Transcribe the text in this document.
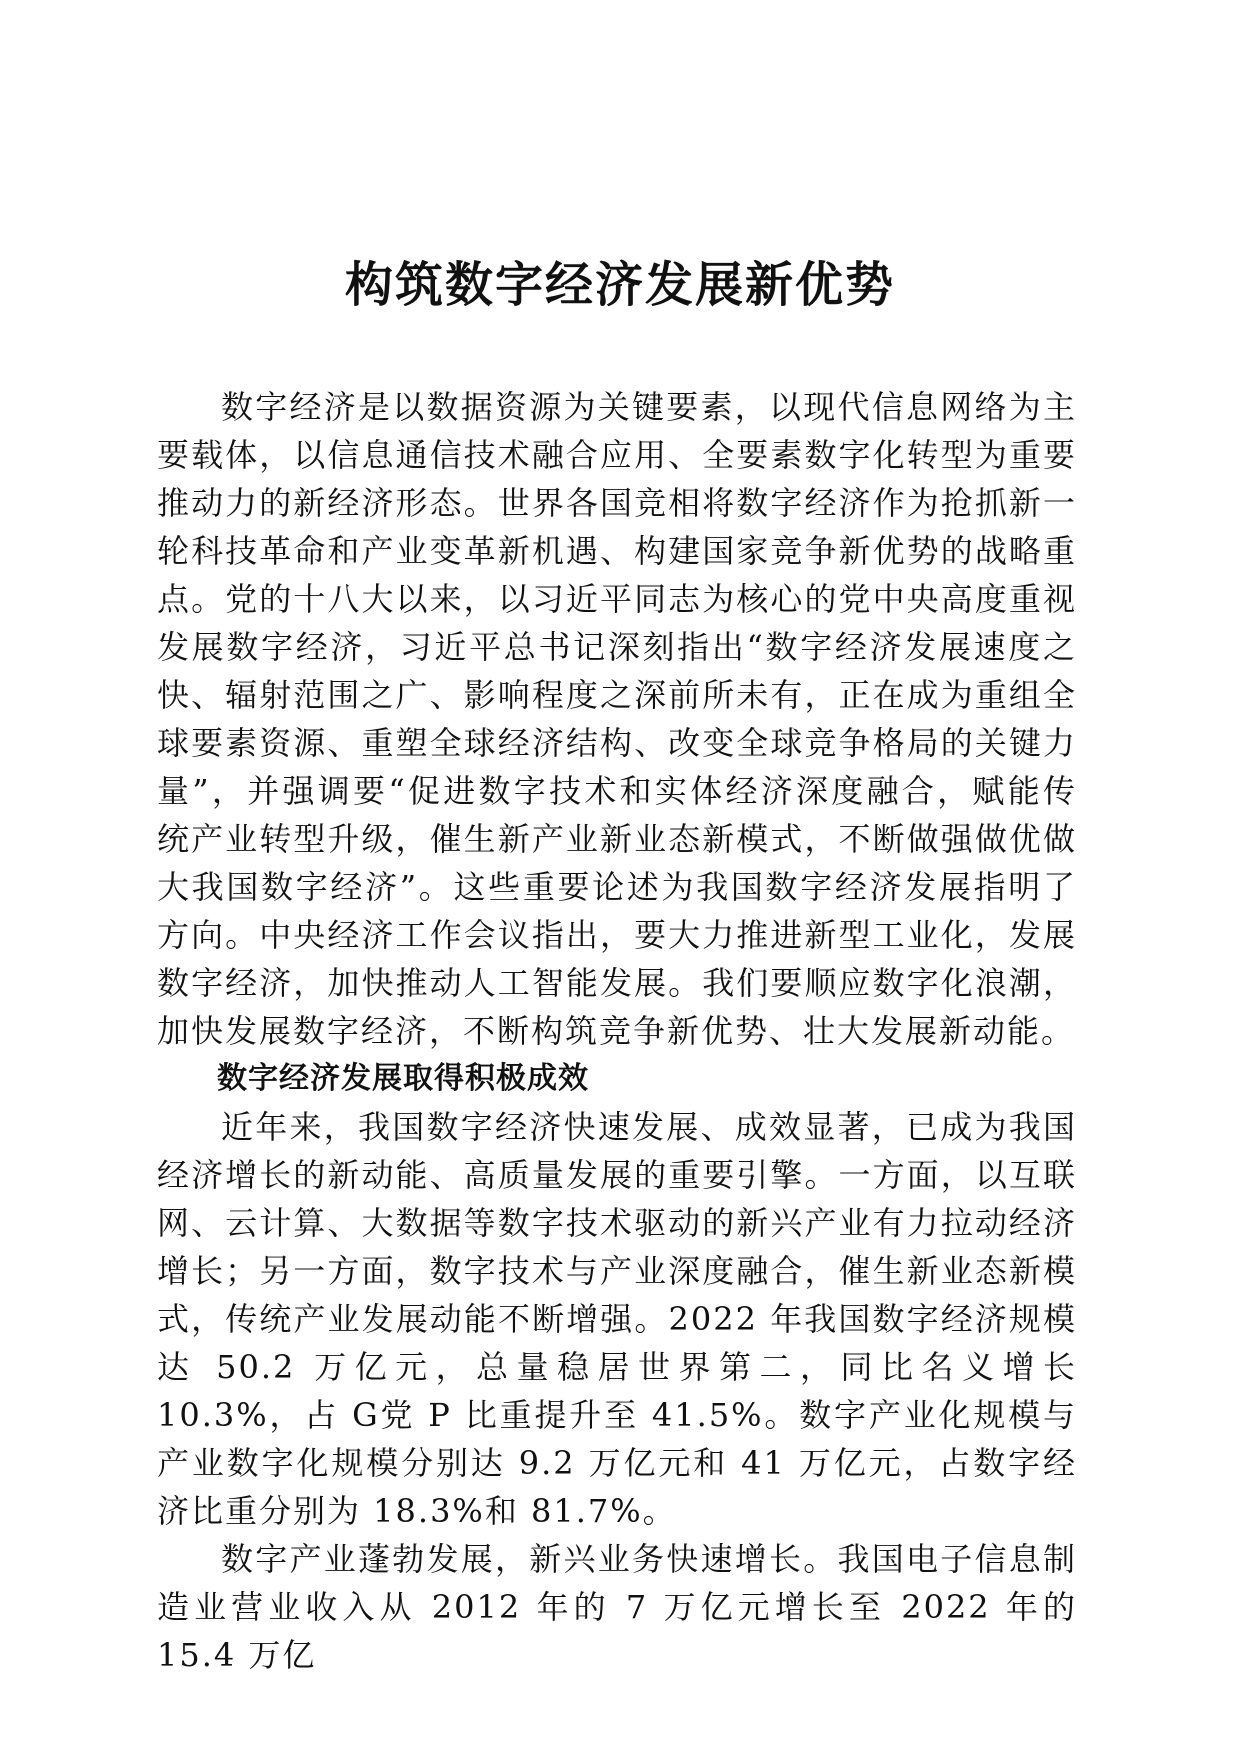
构筑数字经济发展新优势

数字经济是以数据资源为关键要素，以现代信息网络为主要载体，以信息通信技术融合应用、全要素数字化转型为重要推动力的新经济形态。世界各国竞相将数字经济作为抢抓新一轮科技革命和产业变革新机遇、构建国家竞争新优势的战略重点。党的十八大以来，以习近平同志为核心的党中央高度重视发展数字经济，习近平总书记深刻指出“数字经济发展速度之快、辐射范围之广、影响程度之深前所未有，正在成为重组全球要素资源、重塑全球经济结构、改变全球竞争格局的关键力量”，并强调要“促进数字技术和实体经济深度融合，赋能传统产业转型升级，催生新产业新业态新模式，不断做强做优做大我国数字经济”。这些重要论述为我国数字经济发展指明了方向。中央经济工作会议指出，要大力推进新型工业化，发展数字经济，加快推动人工智能发展。我们要顺应数字化浪潮，加快发展数字经济，不断构筑竞争新优势、壮大发展新动能。

数字经济发展取得积极成效

近年来，我国数字经济快速发展、成效显著，已成为我国经济增长的新动能、高质量发展的重要引擎。一方面，以互联网、云计算、大数据等数字技术驱动的新兴产业有力拉动经济增长；另一方面，数字技术与产业深度融合，催生新业态新模式，传统产业发展动能不断增强。2022 年我国数字经济规模达 50.2 万亿元，总量稳居世界第二，同比名义增长 10.3%，占 G党 P 比重提升至 41.5%。数字产业化规模与产业数字化规模分别达 9.2 万亿元和 41 万亿元，占数字经济比重分别为 18.3%和 81.7%。

数字产业蓬勃发展，新兴业务快速增长。我国电子信息制造业营业收入从 2012 年的 7 万亿元增长至 2022 年的 15.4 万亿
